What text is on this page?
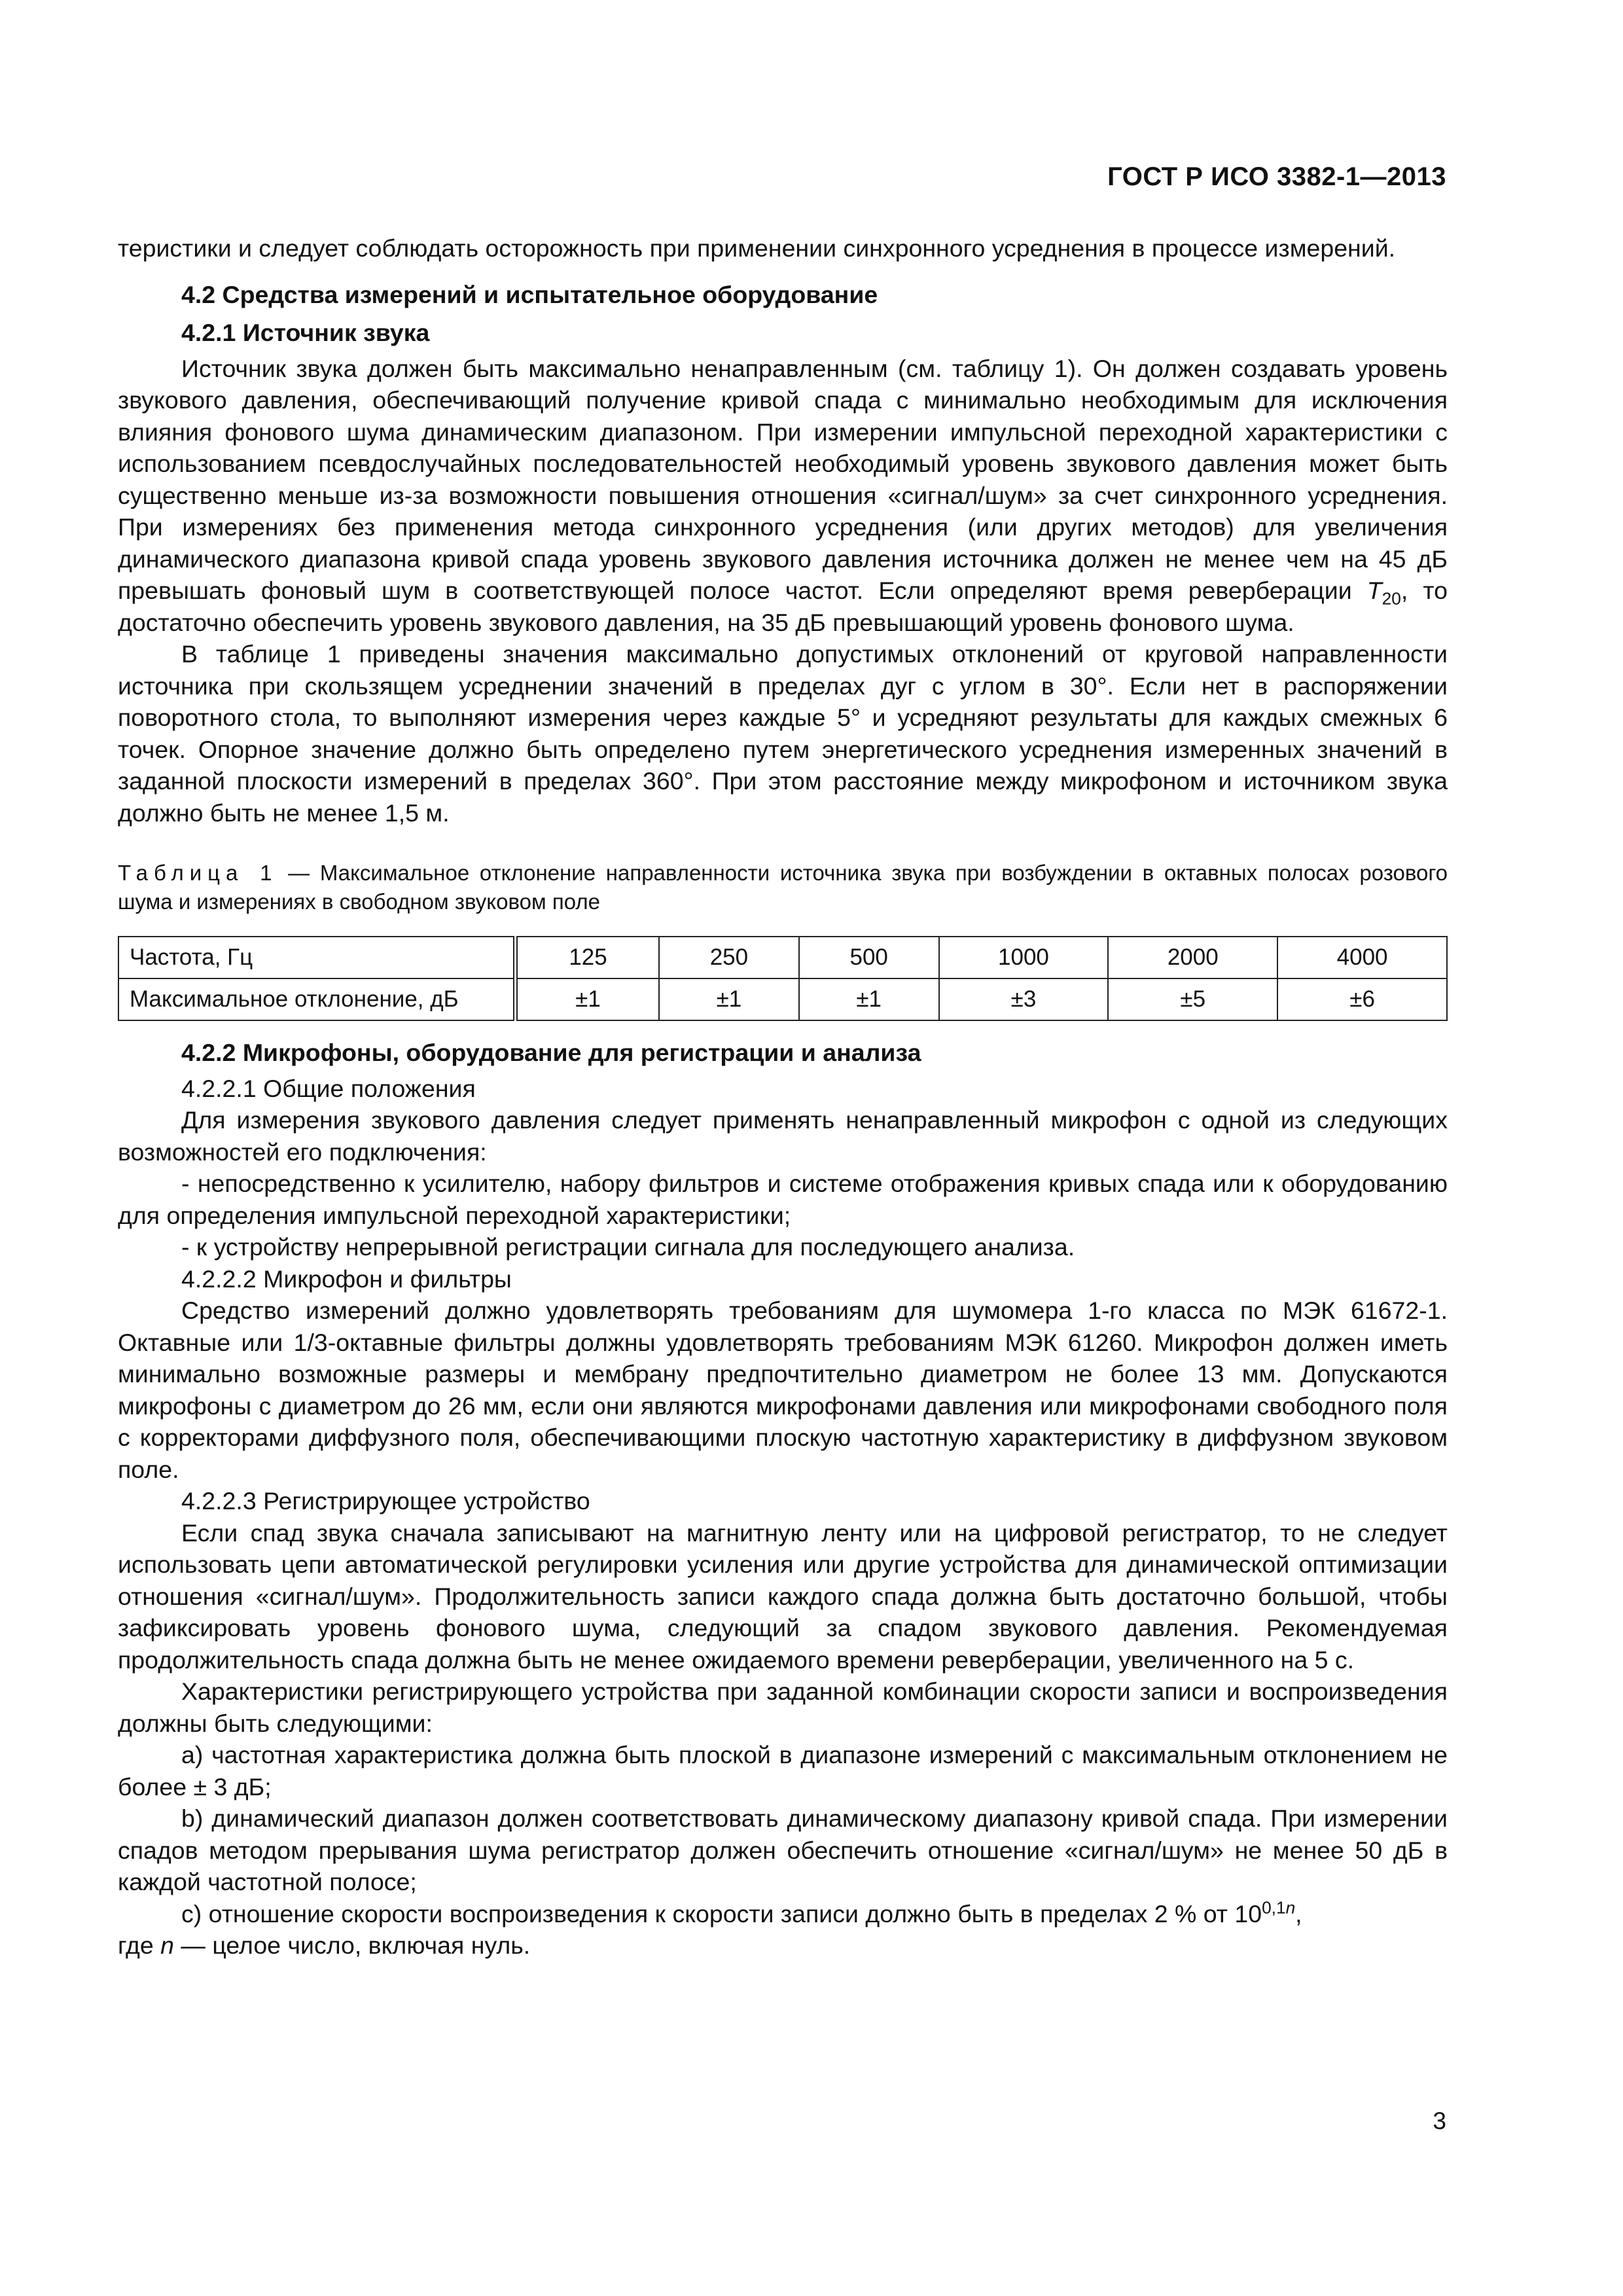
ГОСТ Р ИСО 3382-1—2013

теристики и следует соблюдать осторожность при применении синхронного усреднения в процессе измерений.

4.2 Средства измерений и испытательное оборудование

4.2.1 Источник звука

Источник звука должен быть максимально ненаправленным (см. таблицу 1). Он должен создавать уровень звукового давления, обеспечивающий получение кривой спада с минимально необходимым для исключения влияния фонового шума динамическим диапазоном. При измерении импульсной переходной характеристики с использованием псевдослучайных последовательностей необходимый уровень звукового давления может быть существенно меньше из-за возможности повышения отношения «сигнал/шум» за счет синхронного усреднения. При измерениях без применения метода синхронного усреднения (или других методов) для увеличения динамического диапазона кривой спада уровень звукового давления источника должен не менее чем на 45 дБ превышать фоновый шум в соответствующей полосе частот. Если определяют время реверберации $T_{20}$, то достаточно обеспечить уровень звукового давления, на 35 дБ превышающий уровень фонового шума.

В таблице 1 приведены значения максимально допустимых отклонений от круговой направленности источника при скользящем усреднении значений в пределах дуг с углом в 30°. Если нет в распоряжении поворотного стола, то выполняют измерения через каждые 5° и усредняют результаты для каждых смежных 6 точек. Опорное значение должно быть определено путем энергетического усреднения измеренных значений в заданной плоскости измерений в пределах 360°. При этом расстояние между микрофоном и источником звука должно быть не менее 1,5 м.

Таблица 1 — Максимальное отклонение направленности источника звука при возбуждении в октавных полосах розового шума и измерениях в свободном звуковом поле

Частота, Гц	125	250	500	1000	2000	4000
Максимальное отклонение, дБ	±1	±1	±1	±3	±5	±6

4.2.2 Микрофоны, оборудование для регистрации и анализа

4.2.2.1 Общие положения

Для измерения звукового давления следует применять ненаправленный микрофон с одной из следующих возможностей его подключения:

- непосредственно к усилителю, набору фильтров и системе отображения кривых спада или к оборудованию для определения импульсной переходной характеристики;

- к устройству непрерывной регистрации сигнала для последующего анализа.

4.2.2.2 Микрофон и фильтры

Средство измерений должно удовлетворять требованиям для шумомера 1-го класса по МЭК 61672-1. Октавные или 1/3-октавные фильтры должны удовлетворять требованиям МЭК 61260. Микрофон должен иметь минимально возможные размеры и мембрану предпочтительно диаметром не более 13 мм. Допускаются микрофоны с диаметром до 26 мм, если они являются микрофонами давления или микрофонами свободного поля с корректорами диффузного поля, обеспечивающими плоскую частотную характеристику в диффузном звуковом поле.

4.2.2.3 Регистрирующее устройство

Если спад звука сначала записывают на магнитную ленту или на цифровой регистратор, то не следует использовать цепи автоматической регулировки усиления или другие устройства для динамической оптимизации отношения «сигнал/шум». Продолжительность записи каждого спада должна быть достаточно большой, чтобы зафиксировать уровень фонового шума, следующий за спадом звукового давления. Рекомендуемая продолжительность спада должна быть не менее ожидаемого времени реверберации, увеличенного на 5 с.

Характеристики регистрирующего устройства при заданной комбинации скорости записи и воспроизведения должны быть следующими:

a) частотная характеристика должна быть плоской в диапазоне измерений с максимальным отклонением не более ± 3 дБ;

b) динамический диапазон должен соответствовать динамическому диапазону кривой спада. При измерении спадов методом прерывания шума регистратор должен обеспечить отношение «сигнал/шум» не менее 50 дБ в каждой частотной полосе;

c) отношение скорости воспроизведения к скорости записи должно быть в пределах 2 % от $10^{0,1n}$,

где n — целое число, включая нуль.

3
